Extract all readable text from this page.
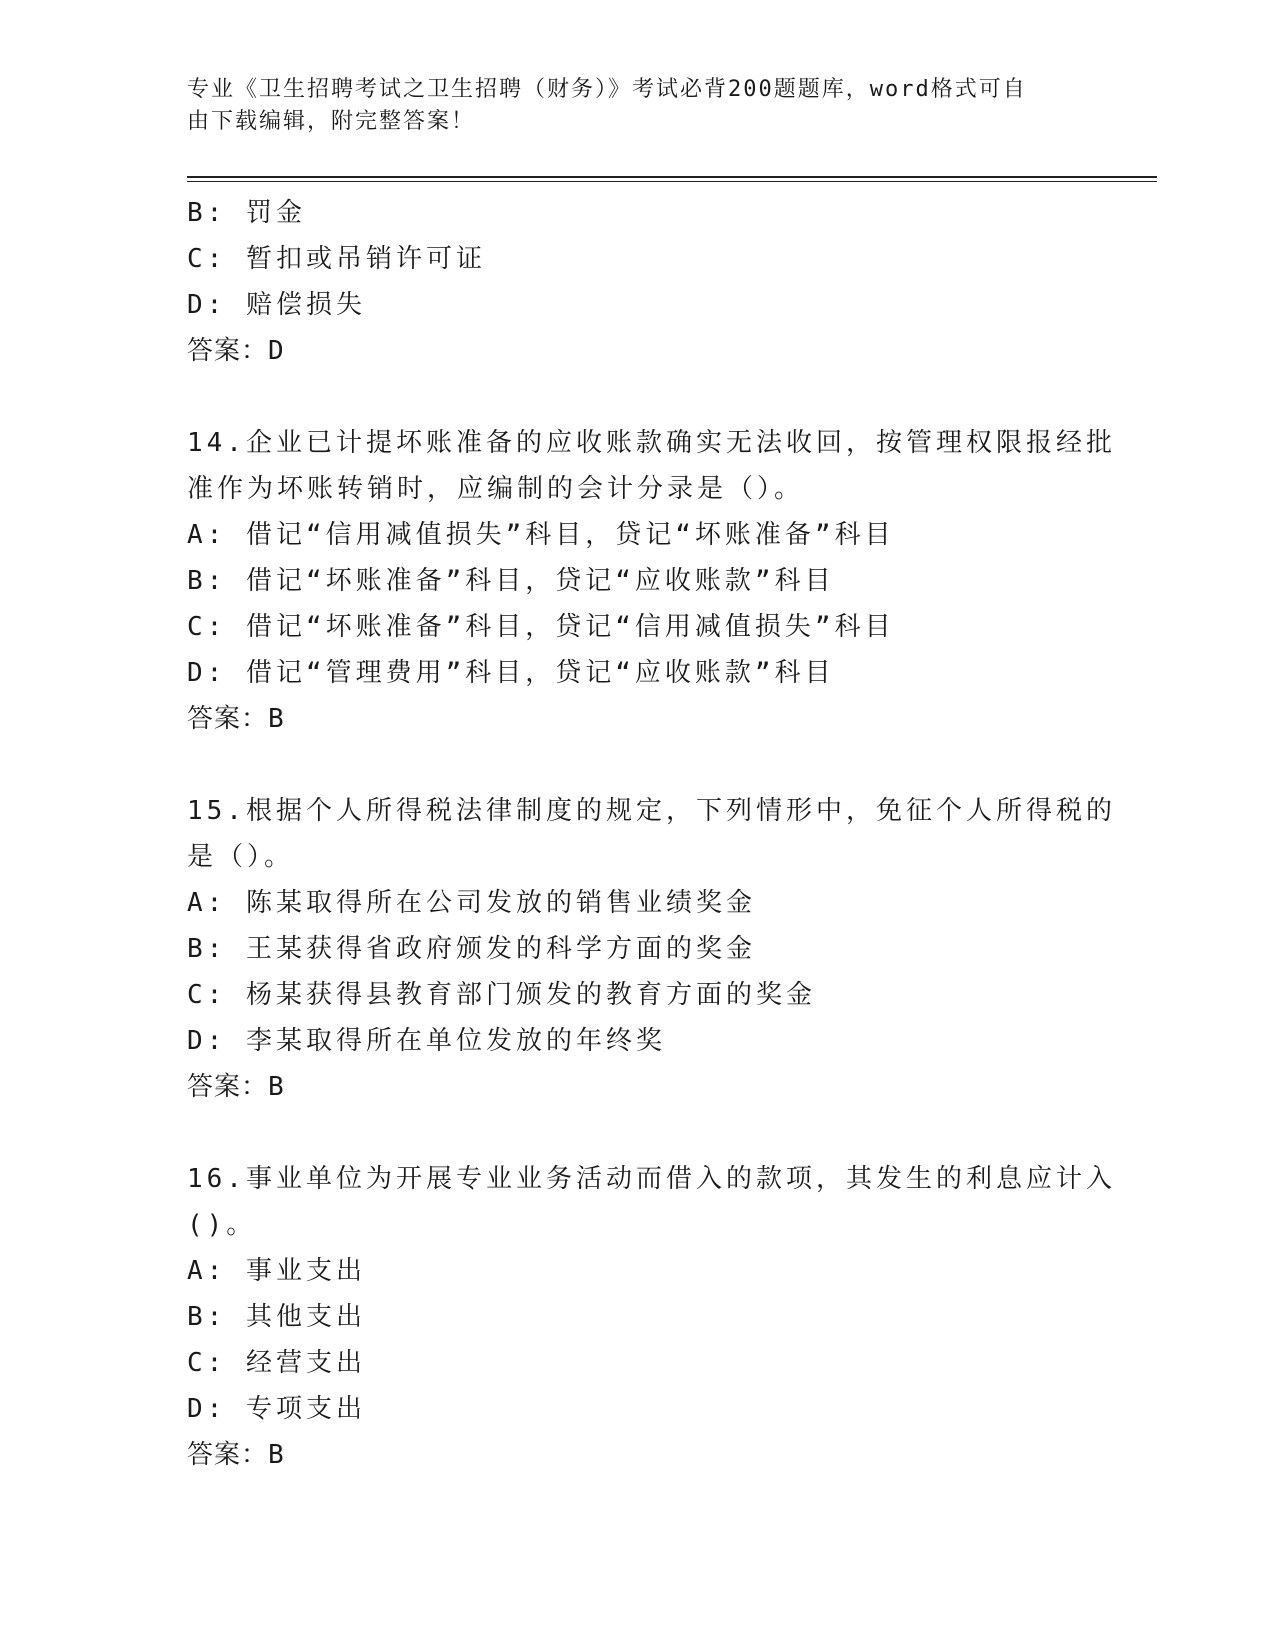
专业《卫生招聘考试之卫生招聘（财务）》考试必背200题题库，word格式可自
由下载编辑，附完整答案！
B: 罚金
C: 暂扣或吊销许可证
D: 赔偿损失
答案：D
14.企业已计提坏账准备的应收账款确实无法收回，按管理权限报经批
准作为坏账转销时，应编制的会计分录是（）。
A: 借记“信用减值损失”科目，贷记“坏账准备”科目
B: 借记“坏账准备”科目，贷记“应收账款”科目
C: 借记“坏账准备”科目，贷记“信用减值损失”科目
D: 借记“管理费用”科目，贷记“应收账款”科目
答案：B
15.根据个人所得税法律制度的规定，下列情形中，免征个人所得税的
是（）。
A: 陈某取得所在公司发放的销售业绩奖金
B: 王某获得省政府颁发的科学方面的奖金
C: 杨某获得县教育部门颁发的教育方面的奖金
D: 李某取得所在单位发放的年终奖
答案：B
16.事业单位为开展专业业务活动而借入的款项，其发生的利息应计入
()。
A: 事业支出
B: 其他支出
C: 经营支出
D: 专项支出
答案：B
